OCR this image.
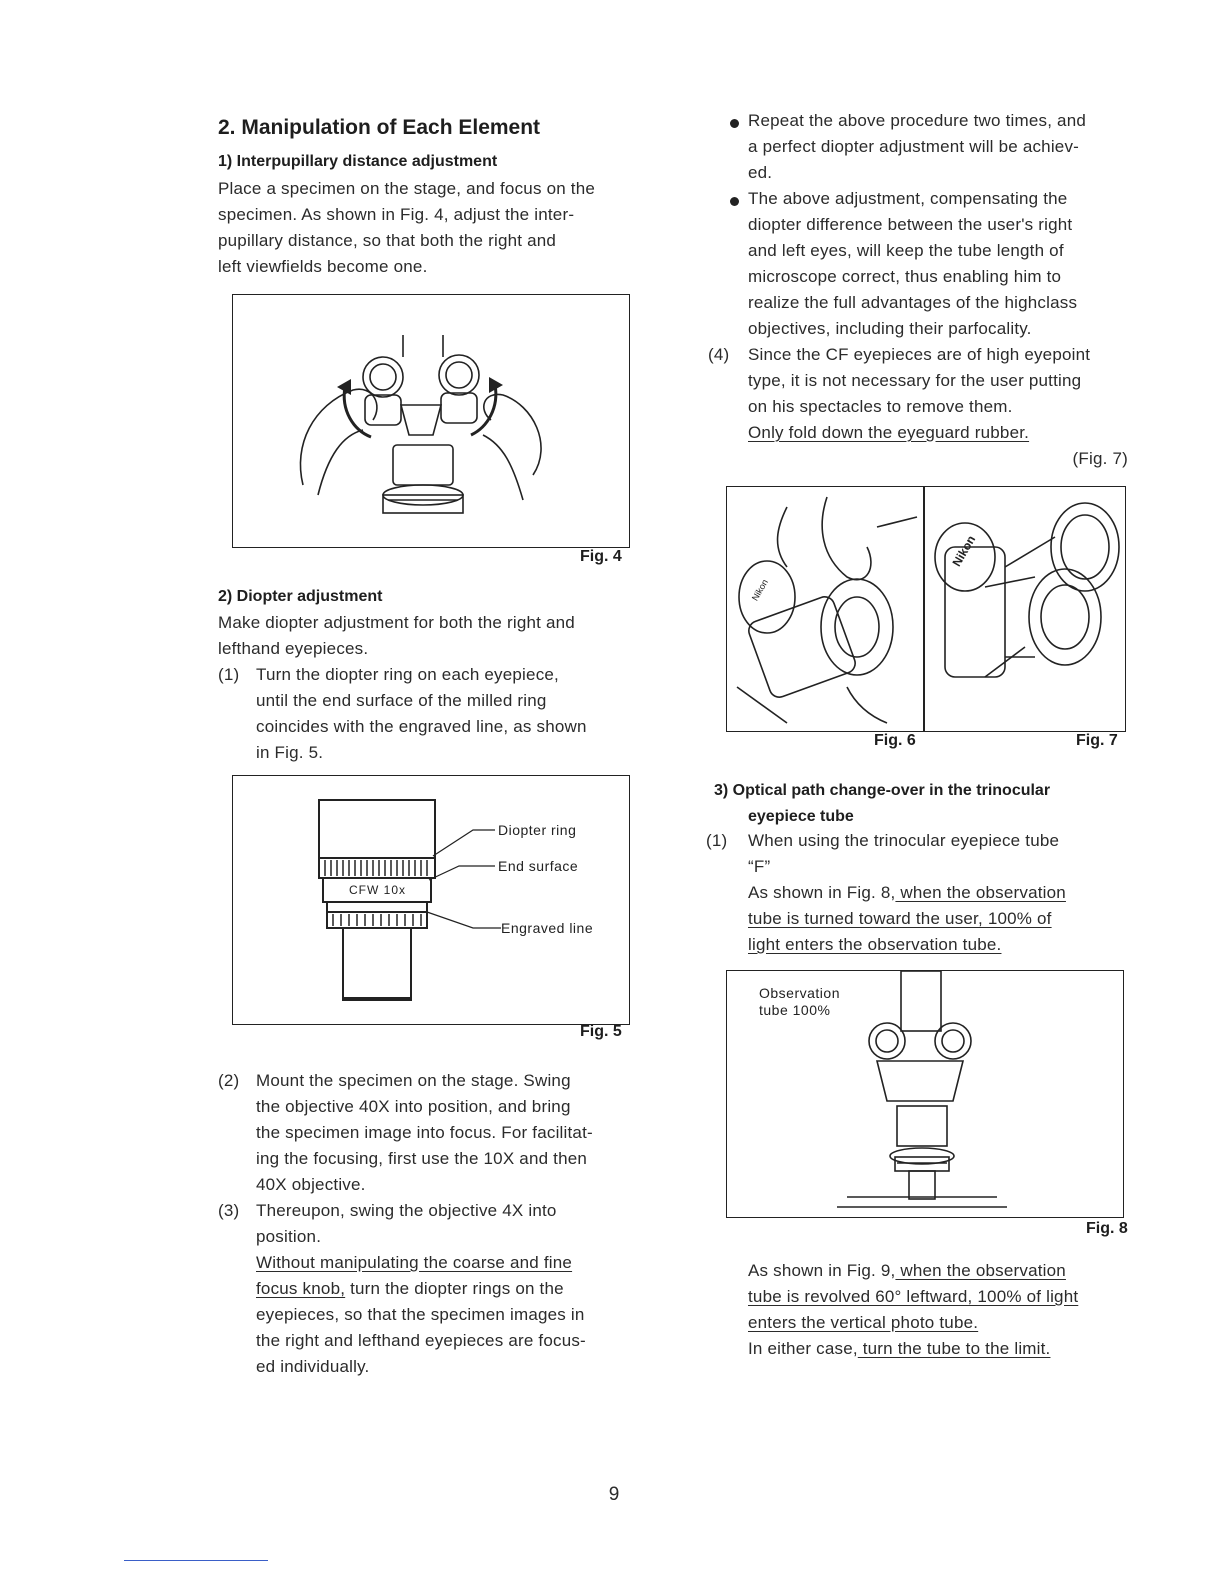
2. Manipulation of Each Element
1) Interpupillary distance adjustment
Place a specimen on the stage, and focus on the
specimen. As shown in Fig. 4, adjust the inter-
pupillary distance, so that both the right and
left viewfields become one.
Fig. 4
2) Diopter adjustment
Make diopter adjustment for both the right and
lefthand eyepieces.
(1) Turn the diopter ring on each eyepiece,
until the end surface of the milled ring
coincides with the engraved line, as shown
in Fig. 5.
CFW 10x
Diopter ring
End surface
Engraved line
Fig. 5
(2) Mount the specimen on the stage. Swing
the objective 40X into position, and bring
the specimen image into focus. For facilitat-
ing the focusing, first use the 10X and then
40X objective.
(3) Thereupon, swing the objective 4X into
position.
Without manipulating the coarse and fine
focus knob, turn the diopter rings on the
eyepieces, so that the specimen images in
the right and lefthand eyepieces are focus-
ed individually.
Repeat the above procedure two times, and
a perfect diopter adjustment will be achiev-
ed.
The above adjustment, compensating the
diopter difference between the user's right
and left eyes, will keep the tube length of
microscope correct, thus enabling him to
realize the full advantages of the highclass
objectives, including their parfocality.
(4) Since the CF eyepieces are of high eyepoint
type, it is not necessary for the user putting
on his spectacles to remove them.
Only fold down the eyeguard rubber.
(Fig. 7)
Nikon
Nikon
Fig. 6	Fig. 7
3) Optical path change-over in the trinocular
eyepiece tube
(1) When using the trinocular eyepiece tube
“F”
As shown in Fig. 8, when the observation
tube is turned toward the user, 100% of
light enters the observation tube.
Observation
tube 100%
Fig. 8
As shown in Fig. 9, when the observation
tube is revolved 60° leftward, 100% of light
enters the vertical photo tube.
In either case, turn the tube to the limit.
9
